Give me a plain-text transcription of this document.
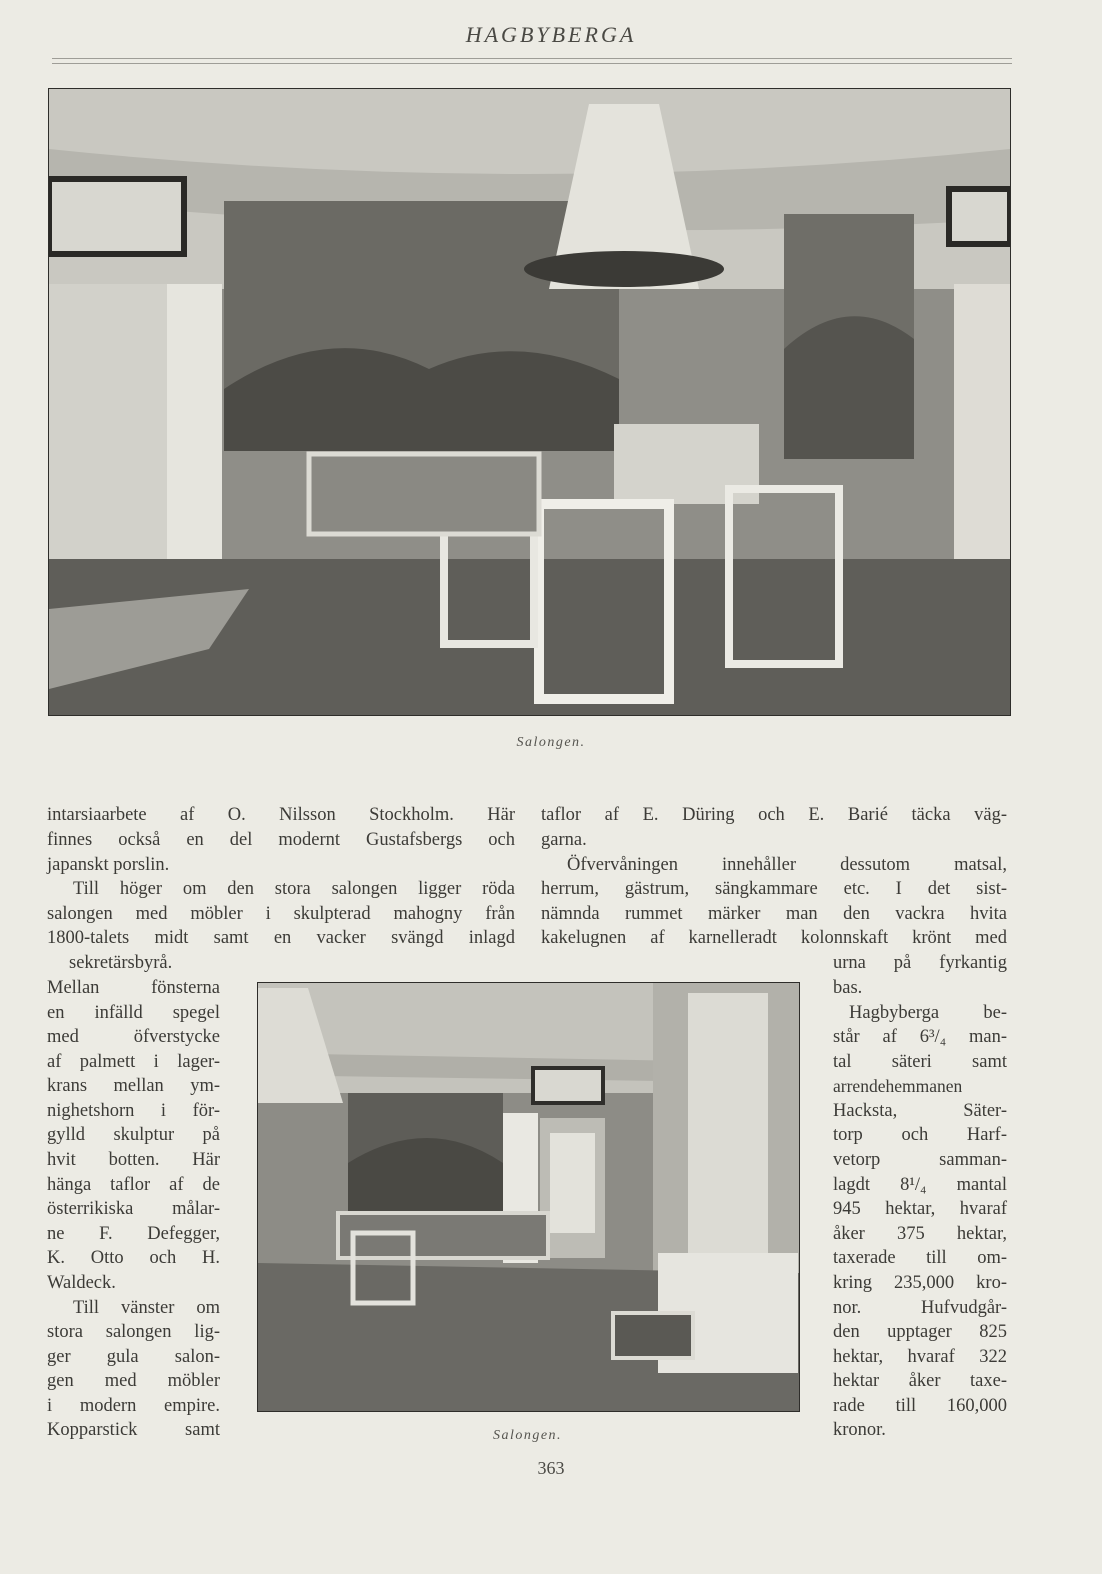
HAGBYBERGA
Salongen.
intarsiaarbete af O. Nilsson Stockholm. Här
finnes också en del modernt Gustafsbergs och
japanskt porslin.
Till höger om den stora salongen ligger röda
salongen med möbler i skulpterad mahogny från
1800-talets midt samt en vacker svängd inlagd
sekretärsbyrå.
taflor af E. Düring och E. Barié täcka väg-
garna.
Öfvervåningen innehåller dessutom matsal,
herrum, gästrum, sängkammare etc. I det sist-
nämnda rummet märker man den vackra hvita
kakelugnen af karnelleradt kolonnskaft krönt med
Mellan fönsterna
en infälld spegel
med öfverstycke
af palmett i lager-
krans mellan ym-
nighetshorn i för-
gylld skulptur på
hvit botten. Här
hänga taflor af de
österrikiska målar-
ne F. Defegger,
K. Otto och H.
Waldeck.
Till vänster om
stora salongen lig-
ger gula salon-
gen med möbler
i modern empire.
Kopparstick samt
urna på fyrkantig
bas.
Hagbyberga be-
står af 6³/₄ man-
tal säteri samt
arrendehemmanen
Hacksta, Säter-
torp och Harf-
vetorp samman-
lagdt 8¹/₄ mantal
945 hektar, hvaraf
åker 375 hektar,
taxerade till om-
kring 235,000 kro-
nor. Hufvudgår-
den upptager 825
hektar, hvaraf 322
hektar åker taxe-
rade till 160,000
kronor.
Salongen.
363
